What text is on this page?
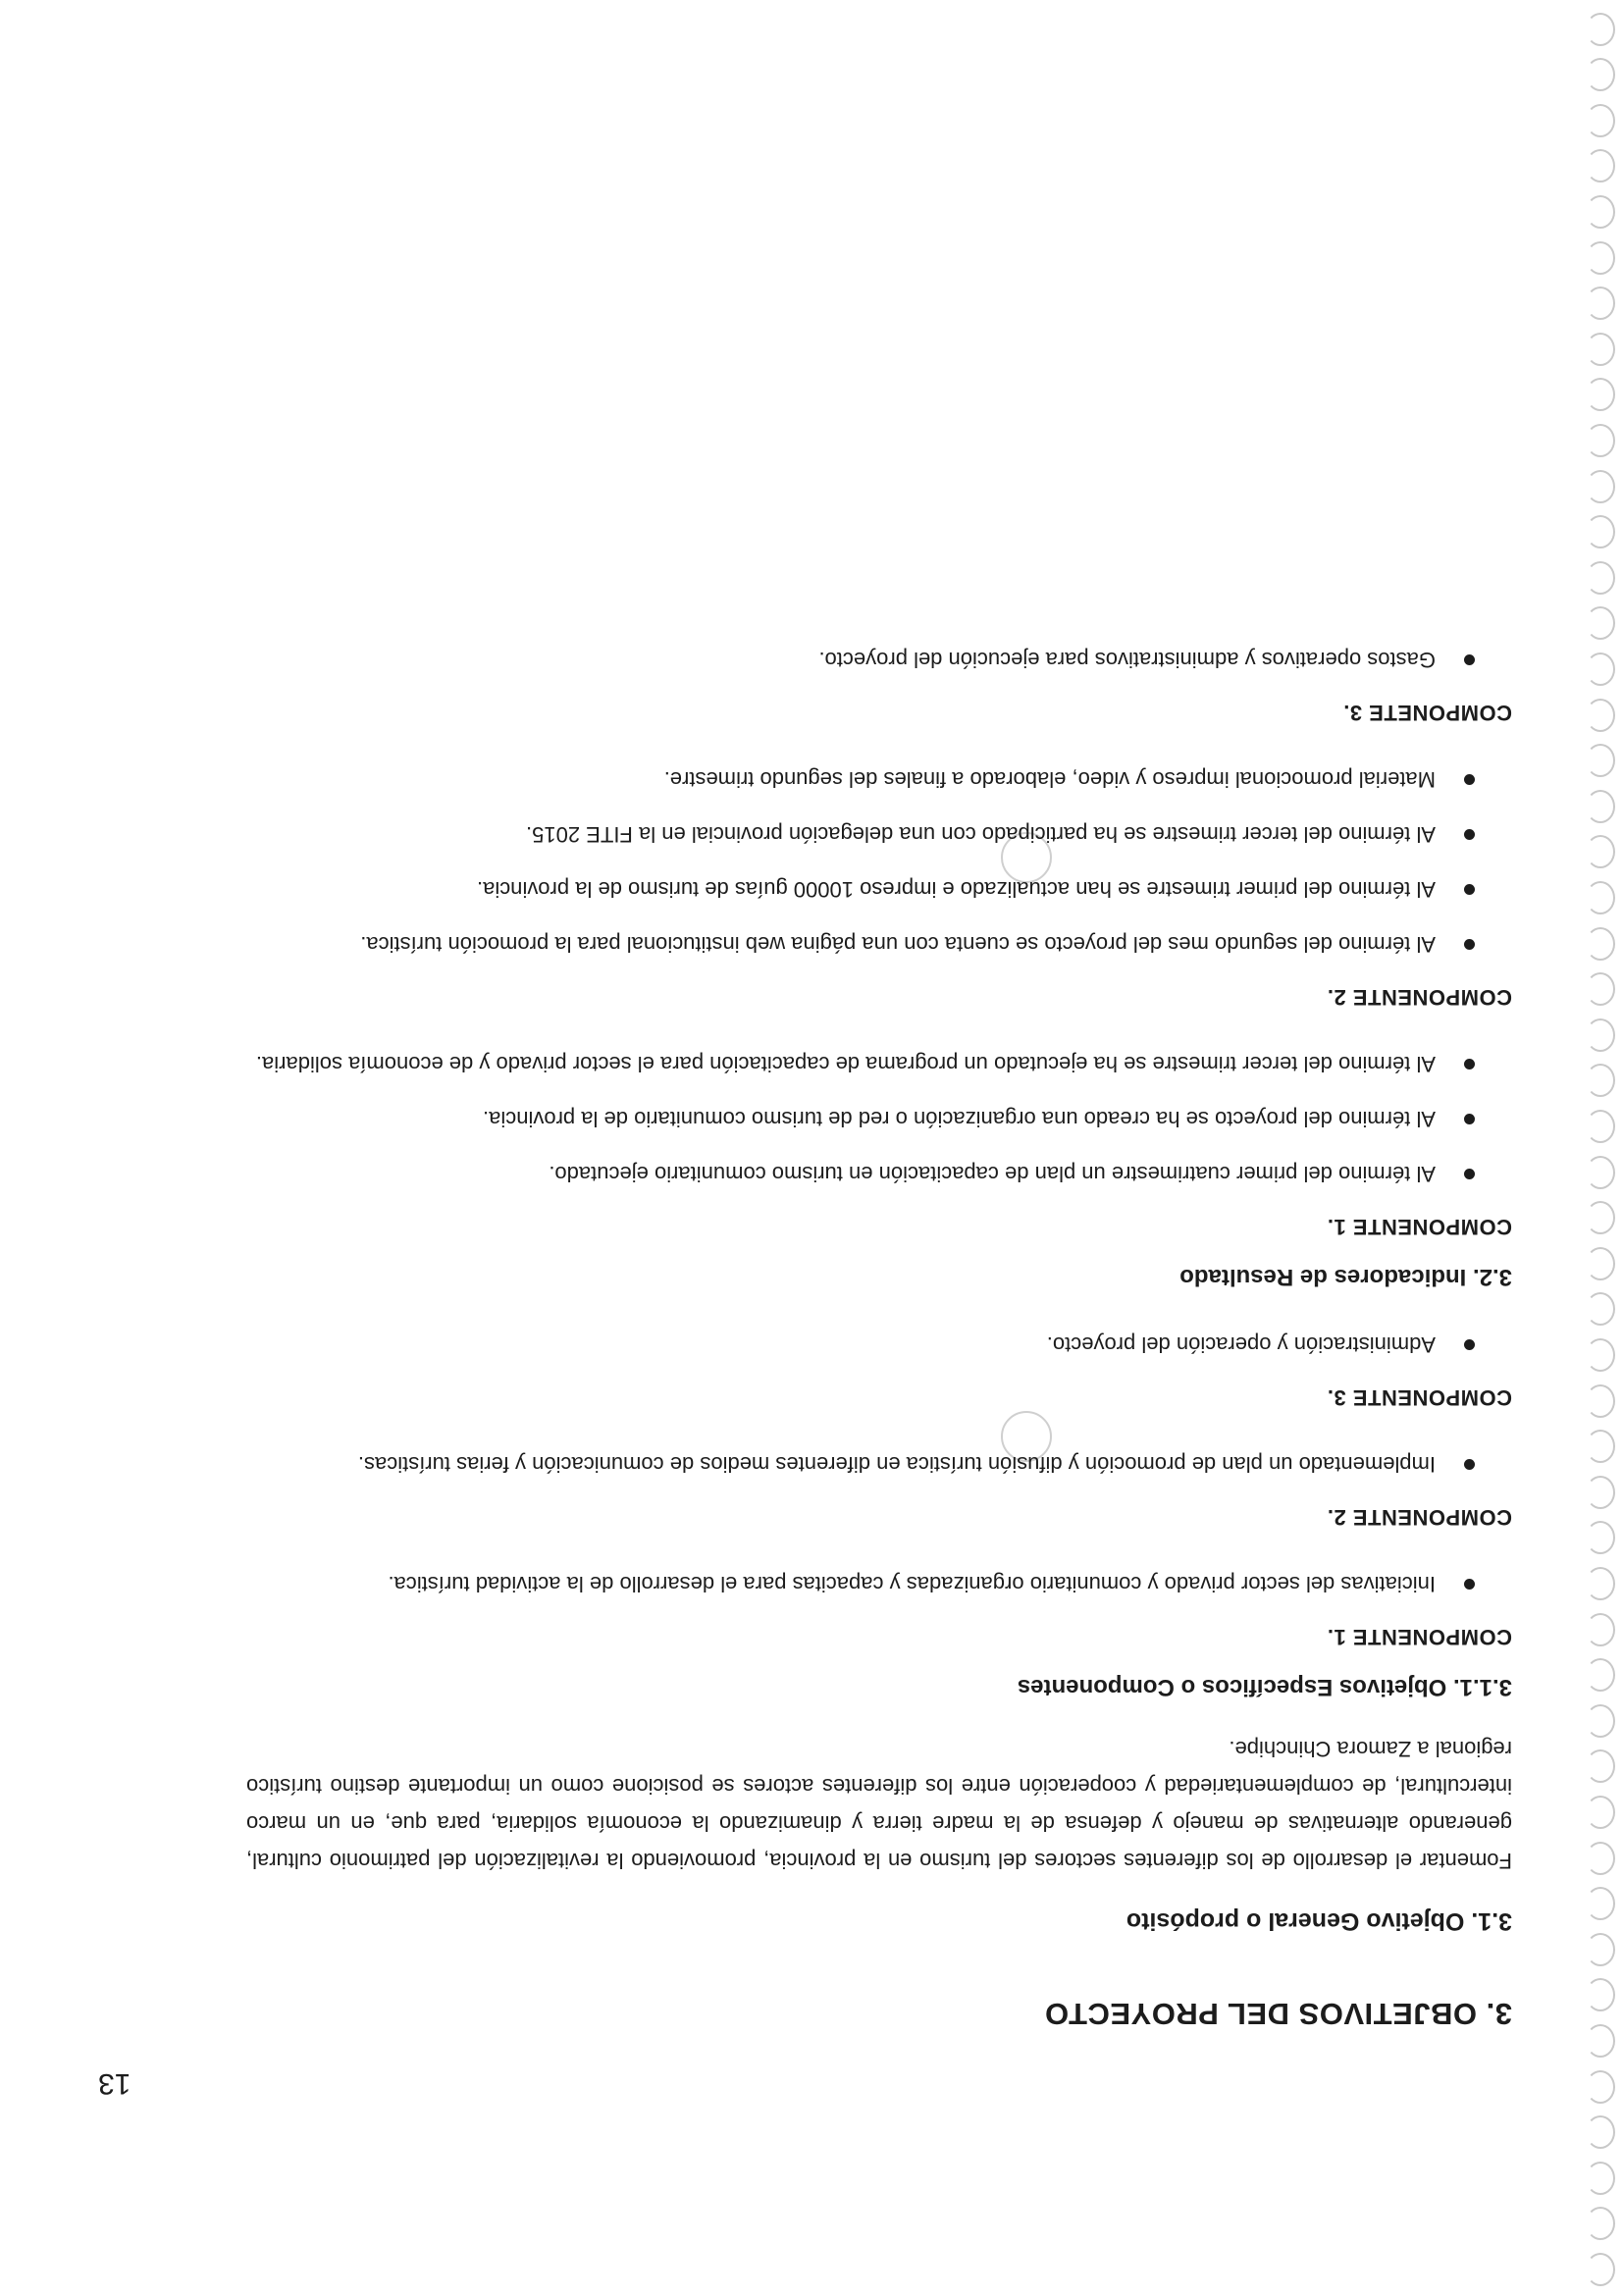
13
3. OBJETIVOS DEL PROYECTO
3.1. Objetivo General o propósito

Fomentar el desarrollo de los diferentes sectores del turismo en la provincia, promoviendo la revitalización del patrimonio cultural, generando alternativas de manejo y defensa de la madre tierra y dinamizando la economía solidaria, para que, en un marco intercultural, de complementariedad y cooperación entre los diferentes actores se posicione como un importante destino turístico regional a Zamora Chinchipe.

3.1.1. Objetivos Específicos o Componentes
COMPONENTE 1.
Iniciativas del sector privado y comunitario organizadas y capacitas para el desarrollo de la actividad turística.
COMPONENTE 2.
Implementado un plan de promoción y difusión turística en diferentes medios de comunicación y ferias turísticas.
COMPONENTE 3.
Administración y operación del proyecto.
3.2. Indicadores de Resultado
COMPONENTE 1.
Al término del primer cuatrimestre un plan de capacitación en turismo comunitario ejecutado.
Al término del proyecto se ha creado una organización o red de turismo comunitario de la provincia.
Al término del tercer trimestre se ha ejecutado un programa de capacitación para el sector privado y de economía solidaria.
COMPONENTE 2.
Al término del segundo mes del proyecto se cuenta con una página web institucional para la promoción turística.
Al término del primer trimestre se han actualizado e impreso 10000 guías de turismo de la provincia.
Al término del tercer trimestre se ha participado con una delegación provincial en la FITE 2015.
Material promocional impreso y video, elaborado a finales del segundo trimestre.
COMPONETE 3.
Gastos operativos y administrativos para ejecución del proyecto.
